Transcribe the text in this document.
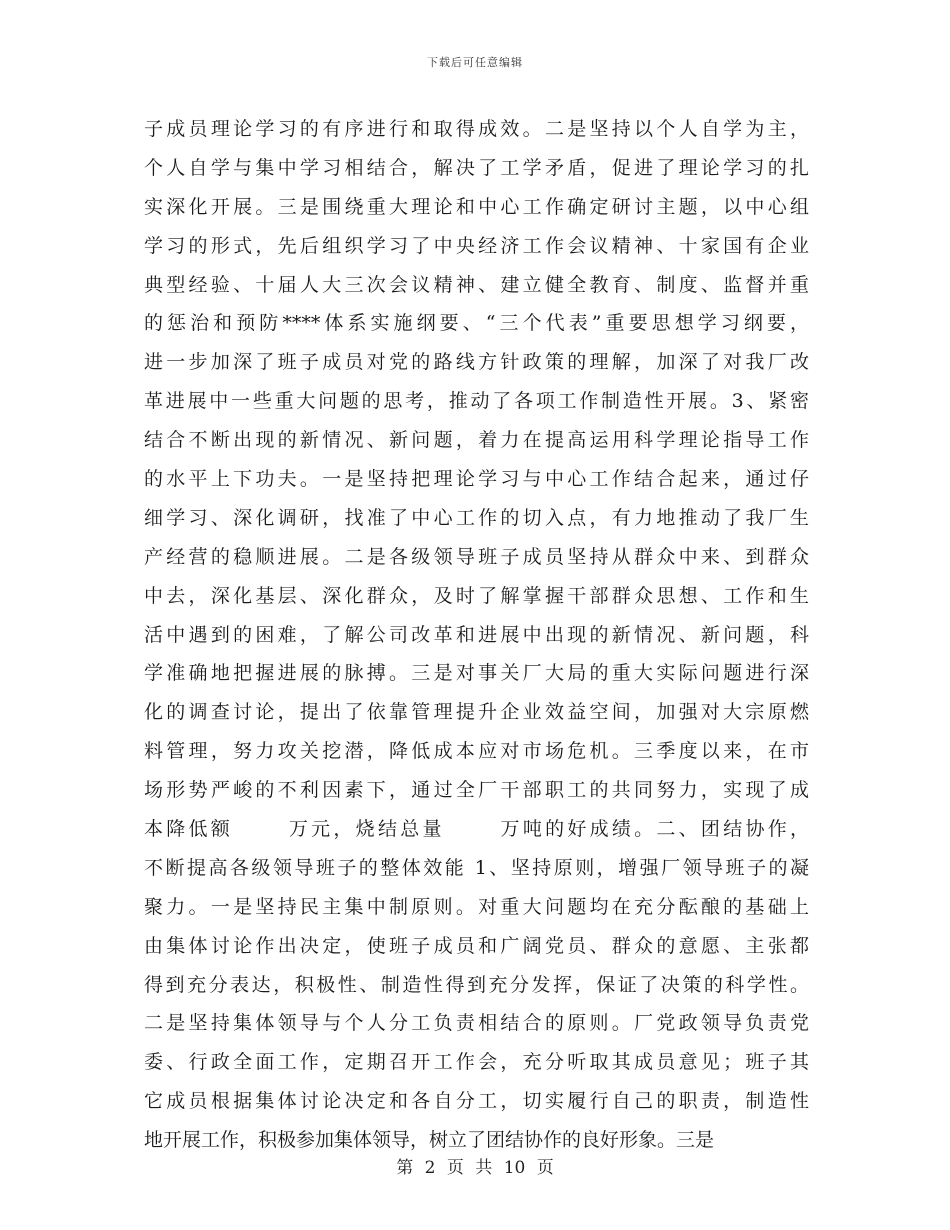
下载后可任意编辑
子成员理论学习的有序进行和取得成效。二是坚持以个人自学为主，
个人自学与集中学习相结合，解决了工学矛盾，促进了理论学习的扎
实深化开展。三是围绕重大理论和中心工作确定研讨主题，以中心组
学习的形式，先后组织学习了中央经济工作会议精神、十家国有企业
典型经验、十届人大三次会议精神、建立健全教育、制度、监督并重
的惩治和预防****体系实施纲要、“三个代表”重要思想学习纲要，
进一步加深了班子成员对党的路线方针政策的理解，加深了对我厂改
革进展中一些重大问题的思考，推动了各项工作制造性开展。3、紧密
结合不断出现的新情况、新问题，着力在提高运用科学理论指导工作
的水平上下功夫。一是坚持把理论学习与中心工作结合起来，通过仔
细学习、深化调研，找准了中心工作的切入点，有力地推动了我厂生
产经营的稳顺进展。二是各级领导班子成员坚持从群众中来、到群众
中去，深化基层、深化群众，及时了解掌握干部群众思想、工作和生
活中遇到的困难，了解公司改革和进展中出现的新情况、新问题，科
学准确地把握进展的脉搏。三是对事关厂大局的重大实际问题进行深
化的调查讨论，提出了依靠管理提升企业效益空间，加强对大宗原燃
料管理，努力攻关挖潜，降低成本应对市场危机。三季度以来，在市
场形势严峻的不利因素下，通过全厂干部职工的共同努力，实现了成
本降低额      万元，烧结总量      万吨的好成绩。二、团结协作，
不断提高各级领导班子的整体效能 1、坚持原则，增强厂领导班子的凝
聚力。一是坚持民主集中制原则。对重大问题均在充分酝酿的基础上
由集体讨论作出决定，使班子成员和广阔党员、群众的意愿、主张都
得到充分表达，积极性、制造性得到充分发挥，保证了决策的科学性。
二是坚持集体领导与个人分工负责相结合的原则。厂党政领导负责党
委、行政全面工作，定期召开工作会，充分听取其成员意见；班子其
它成员根据集体讨论决定和各自分工，切实履行自己的职责，制造性
地开展工作，积极参加集体领导，树立了团结协作的良好形象。三是
第 2 页 共 10 页
